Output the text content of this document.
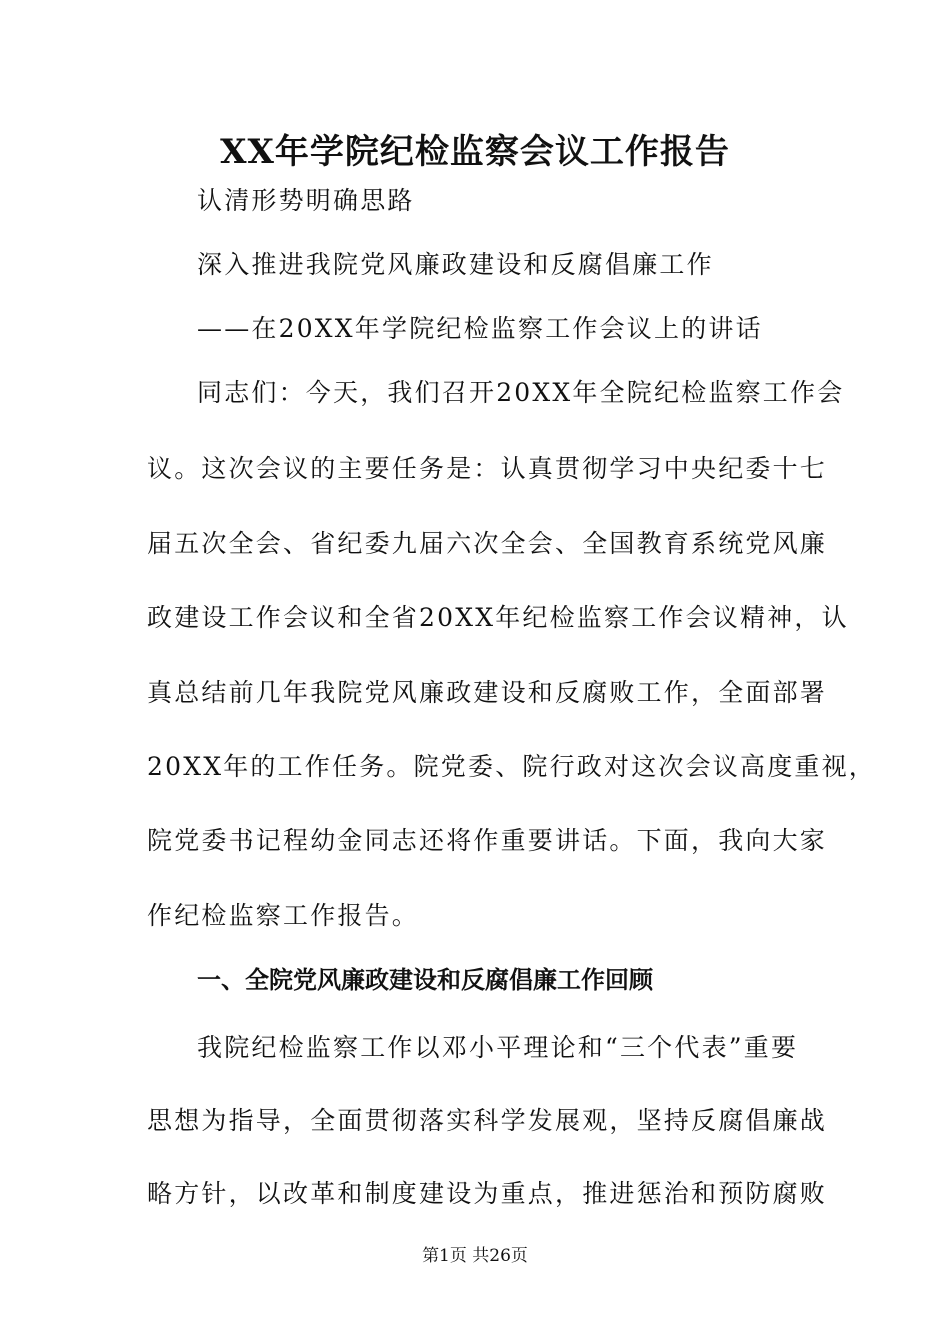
XX年学院纪检监察会议工作报告
认清形势明确思路
深入推进我院党风廉政建设和反腐倡廉工作
——在20XX年学院纪检监察工作会议上的讲话
同志们：今天，我们召开20XX年全院纪检监察工作会
议。这次会议的主要任务是：认真贯彻学习中央纪委十七
届五次全会、省纪委九届六次全会、全国教育系统党风廉
政建设工作会议和全省20XX年纪检监察工作会议精神，认
真总结前几年我院党风廉政建设和反腐败工作，全面部署
20XX年的工作任务。院党委、院行政对这次会议高度重视，
院党委书记程幼金同志还将作重要讲话。下面，我向大家
作纪检监察工作报告。
一、全院党风廉政建设和反腐倡廉工作回顾
我院纪检监察工作以邓小平理论和“三个代表”重要
思想为指导，全面贯彻落实科学发展观，坚持反腐倡廉战
略方针，以改革和制度建设为重点，推进惩治和预防腐败
第1页 共26页
